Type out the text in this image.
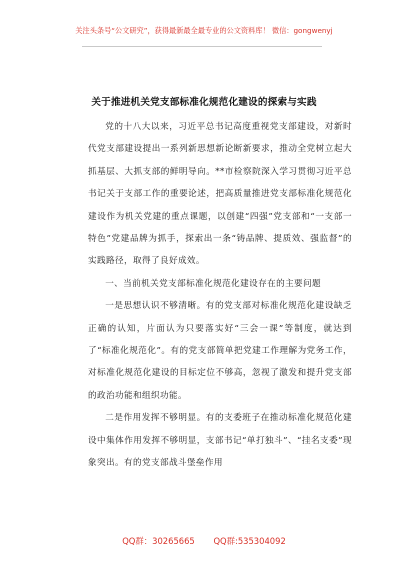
关注头条号“公文研究”，获得最新最全最专业的公文资料库！ 微信：gongwenyj
关于推进机关党支部标准化规范化建设的探索与实践

党的十八大以来，习近平总书记高度重视党支部建设，对新时代党支部建设提出一系列新思想新论断新要求，推动全党树立起大抓基层、大抓支部的鲜明导向。**市检察院深入学习贯彻习近平总书记关于支部工作的重要论述，把高质量推进党支部标准化规范化建设作为机关党建的重点课题，以创建“四强”党支部和“一支部一特色”党建品牌为抓手，探索出一条“铸品牌、提质效、强监督”的实践路径，取得了良好成效。

一、当前机关党支部标准化规范化建设存在的主要问题

一是思想认识不够清晰。有的党支部对标准化规范化建设缺乏正确的认知，片面认为只要落实好“三会一课”等制度，就达到了“标准化规范化”。有的党支部简单把党建工作理解为党务工作，对标准化规范化建设的目标定位不够高，忽视了激发和提升党支部的政治功能和组织功能。

二是作用发挥不够明显。有的支委班子在推动标准化规范化建设中集体作用发挥不够明显，支部书记“单打独斗”、“挂名支委”现象突出。有的党支部战斗堡垒作用

QQ群：30265665 QQ群:535304092
